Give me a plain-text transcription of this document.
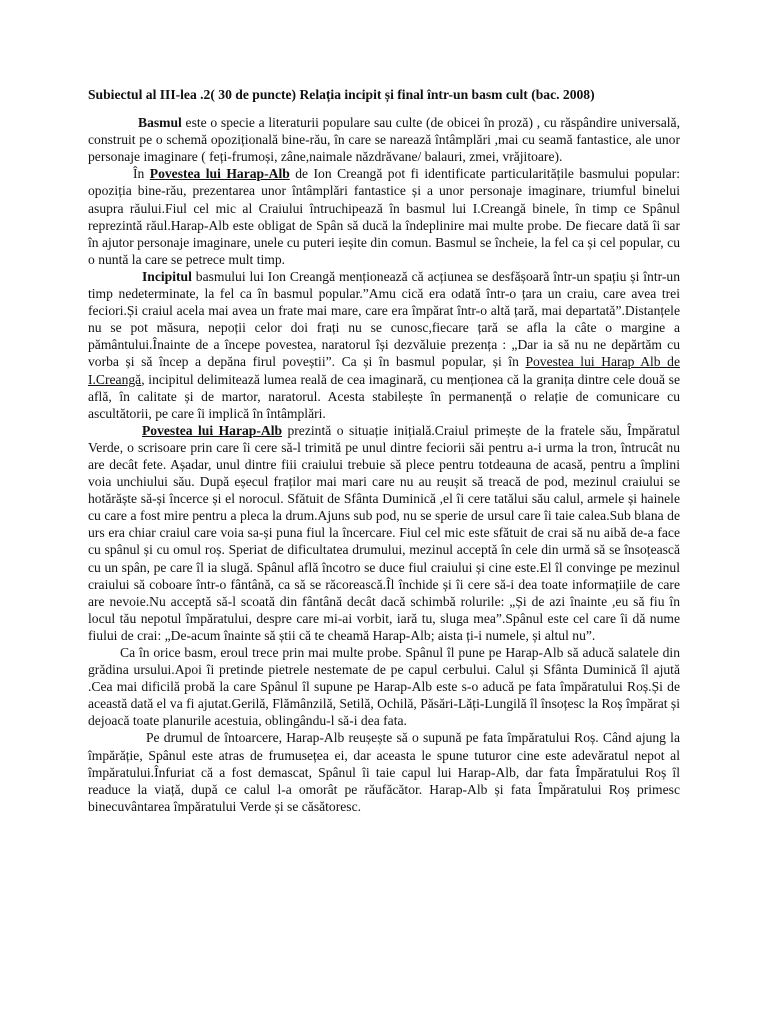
Subiectul al III-lea .2( 30 de puncte) Relația incipit și final într-un basm cult (bac. 2008)

Basmul este o specie a literaturii populare sau culte (de obicei în proză) , cu răspândire universală, construit pe o schemă opozițională bine-rău, în care se narează întâmplări ,mai cu seamă fantastice, ale unor personaje imaginare ( feți-frumoși, zâne,naimale năzdrăvane/ balauri, zmei, vrăjitoare).

În Povestea lui Harap-Alb de Ion Creangă pot fi identificate particularitățile basmului popular: opoziția bine-rău, prezentarea unor întâmplări fantastice și a unor personaje imaginare, triumful binelui asupra răului.Fiul cel mic al Craiului întruchipează în basmul lui I.Creangă binele, în timp ce Spânul reprezintă răul.Harap-Alb este obligat de Spân să ducă la îndeplinire mai multe probe. De fiecare dată îi sar în ajutor personaje imaginare, unele cu puteri ieșite din comun. Basmul se încheie, la fel ca și cel popular, cu o nuntă la care se petrece mult timp.

Incipitul basmului lui Ion Creangă menționează că acțiunea se desfășoară într-un spațiu și într-un timp nedeterminate, la fel ca în basmul popular.”Amu cică era odată într-o țara un craiu, care avea trei feciori.Și craiul acela mai avea un frate mai mare, care era împărat într-o altă țară, mai departată”.Distanțele nu se pot măsura, nepoții celor doi frați nu se cunosc,fiecare țară se afla la câte o margine a pământului.Înainte de a începe povestea, naratorul își dezvăluie prezența : „Dar ia să nu ne depărtăm cu vorba și să încep a depăna firul poveștii”. Ca și în basmul popular, și în Povestea lui Harap Alb de I.Creangă, incipitul delimitează lumea reală de cea imaginară, cu menționea că la granița dintre cele două se află, în calitate și de martor, naratorul. Acesta stabilește în permanență o relație de comunicare cu ascultătorii, pe care îi implică în întâmplări.

Povestea lui Harap-Alb prezintă o situație inițială.Craiul primește de la fratele său, Împăratul Verde, o scrisoare prin care îi cere să-l trimită pe unul dintre feciorii săi pentru a-i urma la tron, întrucât nu are decât fete. Așadar, unul dintre fiii craiului trebuie să plece pentru totdeauna de acasă, pentru a împlini voia unchiului său. După eșecul fraților mai mari care nu au reușit să treacă de pod, mezinul craiului se hotărăște să-și încerce și el norocul. Sfătuit de Sfânta Duminică ,el îi cere tatălui său calul, armele și hainele cu care a fost mire pentru a pleca la drum.Ajuns sub pod, nu se sperie de ursul care îi taie calea.Sub blana de urs era chiar craiul care voia sa-și puna fiul la încercare. Fiul cel mic este sfătuit de crai să nu aibă de-a face cu spânul și cu omul roș. Speriat de dificultatea drumului, mezinul acceptă în cele din urmă să se însoțească cu un spân, pe care îl ia slugă. Spânul află încotro se duce fiul craiului și cine este.El îl convinge pe mezinul craiului să coboare într-o fântână, ca să se răcorească.Îl închide și îi cere să-i dea toate informațiile de care are nevoie.Nu acceptă să-l scoată din fântână decât dacă schimbă rolurile: „Și de azi înainte ,eu să fiu în locul tău nepotul împăratului, despre care mi-ai vorbit, iară tu, sluga mea”.Spânul este cel care îi dă nume fiului de crai: „De-acum înainte să știi că te cheamă Harap-Alb; aista ți-i numele, și altul nu”.

Ca în orice basm, eroul trece prin mai multe probe. Spânul îl pune pe Harap-Alb să aducă salatele din grădina ursului.Apoi îi pretinde pietrele nestemate de pe capul cerbului. Calul și Sfânta Duminică îl ajută .Cea mai dificilă probă la care Spânul îl supune pe Harap-Alb este s-o aducă pe fata împăratului Roș.Și de această dată el va fi ajutat.Gerilă, Flămânzilă, Setilă, Ochilă, Păsări-Lăți-Lungilă îl însoțesc la Roș împărat și dejoacă toate planurile acestuia, oblingându-l să-i dea fata.

Pe drumul de întoarcere, Harap-Alb reușește să o supună pe fata împăratului Roș. Când ajung la împărăție, Spânul este atras de frumusețea ei, dar aceasta le spune tuturor cine este adevăratul nepot al împăratului.Înfuriat că a fost demascat, Spânul îi taie capul lui Harap-Alb, dar fata Împăratului Roș îl readuce la viață, după ce calul l-a omorât pe răufăcător. Harap-Alb și fata Împăratului Roș primesc binecuvântarea împăratului Verde și se căsătoresc.
